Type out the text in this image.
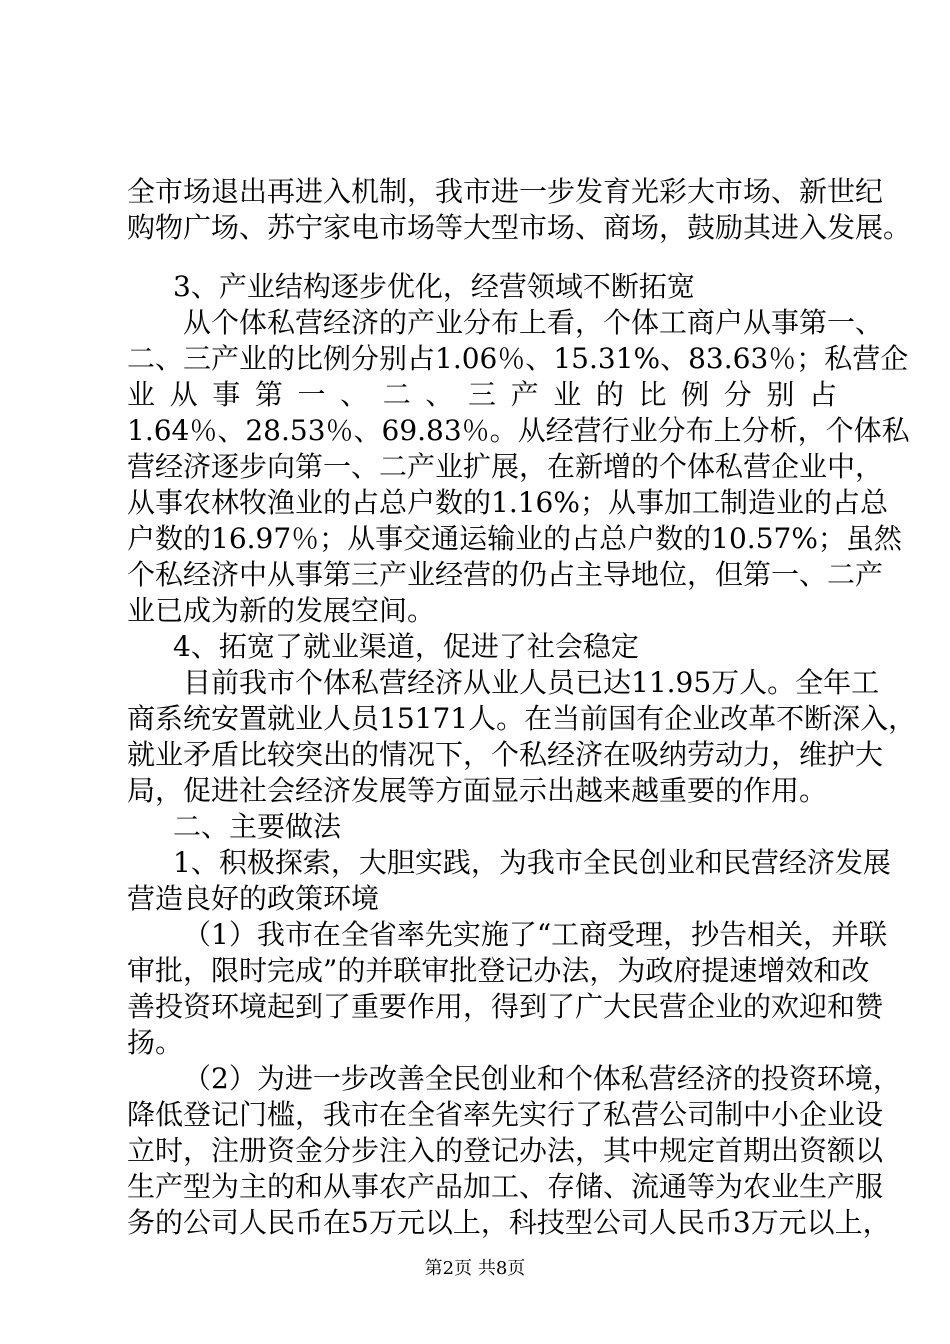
全市场退出再进入机制，我市进一步发育光彩大市场、新世纪
购物广场、苏宁家电市场等大型市场、商场，鼓励其进入发展。
3、产业结构逐步优化，经营领域不断拓宽
从个体私营经济的产业分布上看，个体工商户从事第一、
二、三产业的比例分别占1.06％、15.31%、83.63％；私营企
业从事第一、二、三产业的比例分别占
1.64％、28.53％、69.83％。从经营行业分布上分析，个体私
营经济逐步向第一、二产业扩展，在新增的个体私营企业中，
从事农林牧渔业的占总户数的1.16%；从事加工制造业的占总
户数的16.97％；从事交通运输业的占总户数的10.57%；虽然
个私经济中从事第三产业经营的仍占主导地位，但第一、二产
业已成为新的发展空间。
4、拓宽了就业渠道，促进了社会稳定
目前我市个体私营经济从业人员已达11.95万人。全年工
商系统安置就业人员15171人。在当前国有企业改革不断深入，
就业矛盾比较突出的情况下，个私经济在吸纳劳动力，维护大
局，促进社会经济发展等方面显示出越来越重要的作用。
二、主要做法
1、积极探索，大胆实践，为我市全民创业和民营经济发展
营造良好的政策环境
（1）我市在全省率先实施了“工商受理，抄告相关，并联
审批，限时完成”的并联审批登记办法，为政府提速增效和改
善投资环境起到了重要作用，得到了广大民营企业的欢迎和赞
扬。
（2）为进一步改善全民创业和个体私营经济的投资环境，
降低登记门槛，我市在全省率先实行了私营公司制中小企业设
立时，注册资金分步注入的登记办法，其中规定首期出资额以
生产型为主的和从事农产品加工、存储、流通等为农业生产服
务的公司人民币在5万元以上，科技型公司人民币3万元以上，
第2页 共8页
